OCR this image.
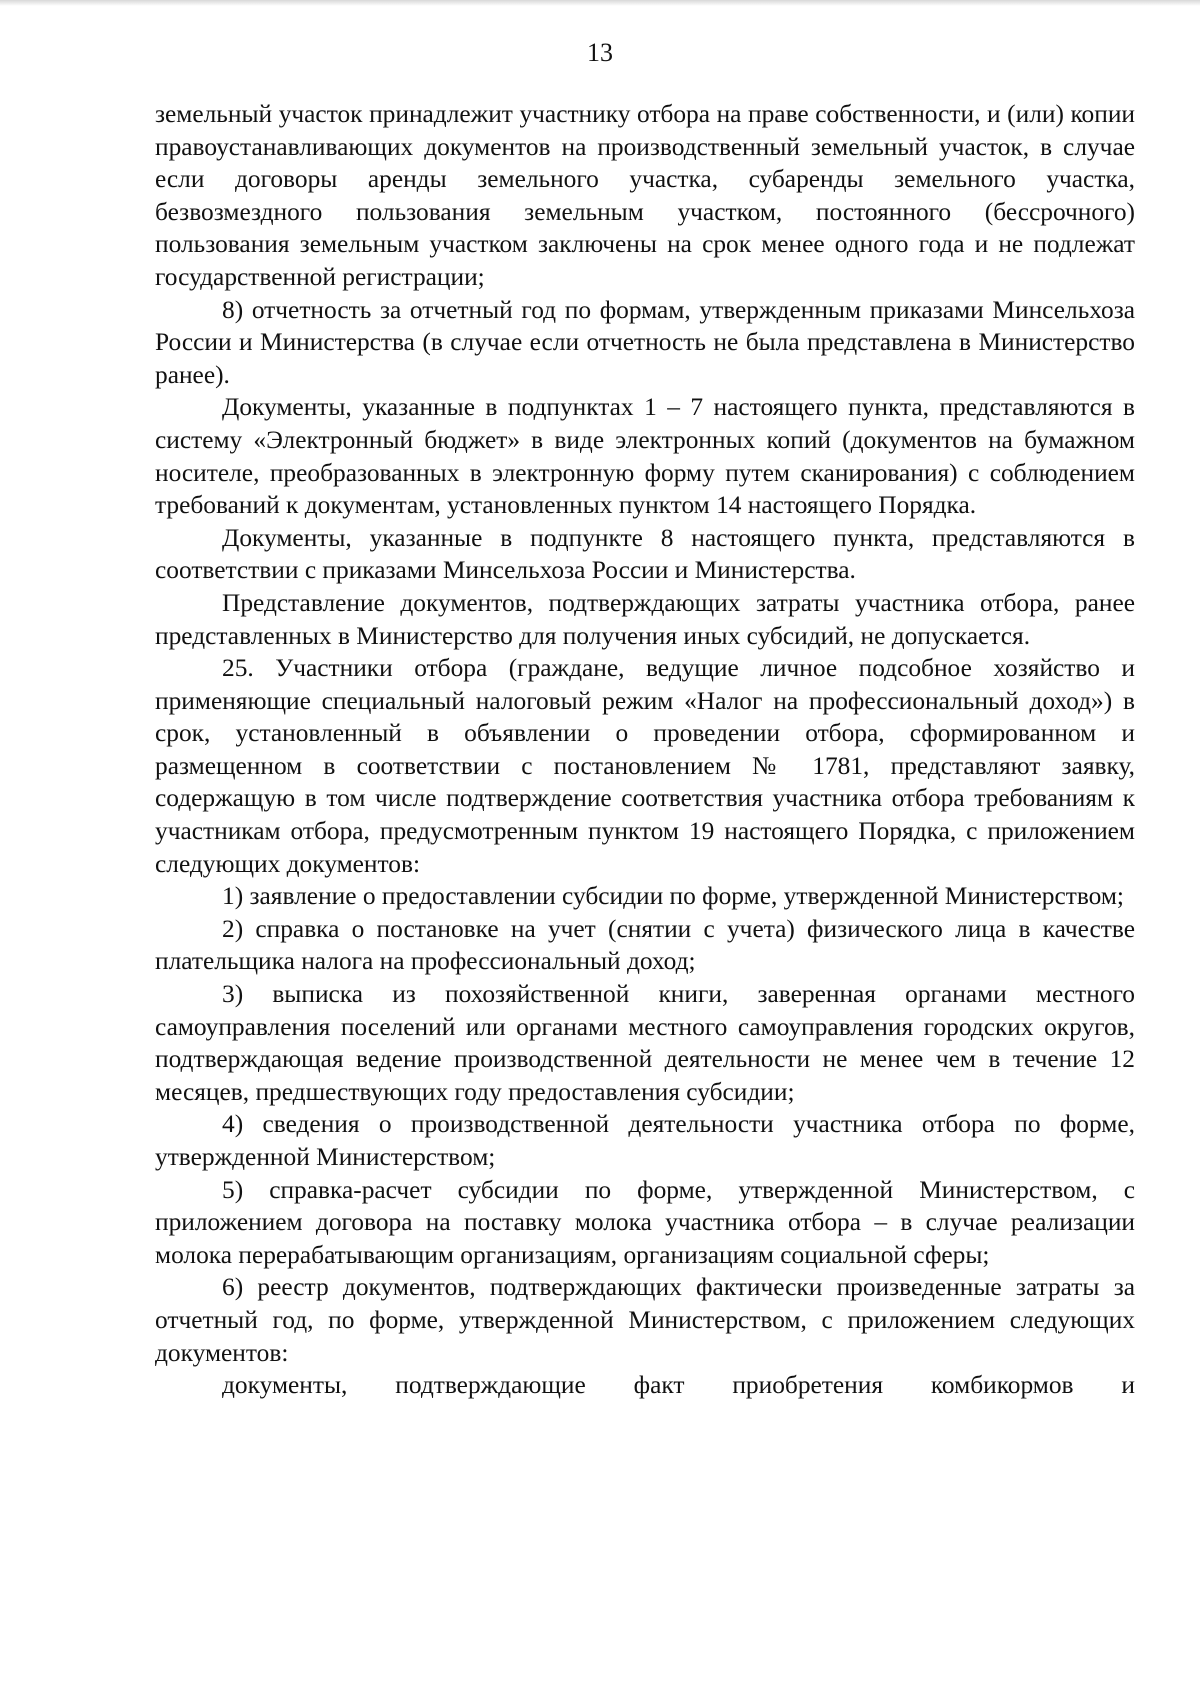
13

земельный участок принадлежит участнику отбора на праве собственности, и (или) копии правоустанавливающих документов на производственный земельный участок, в случае если договоры аренды земельного участка, субаренды земельного участка, безвозмездного пользования земельным участком, постоянного (бессрочного) пользования земельным участком заключены на срок менее одного года и не подлежат государственной регистрации;

8) отчетность за отчетный год по формам, утвержденным приказами Минсельхоза России и Министерства (в случае если отчетность не была представлена в Министерство ранее).

Документы, указанные в подпунктах 1 – 7 настоящего пункта, представляются в систему «Электронный бюджет» в виде электронных копий (документов на бумажном носителе, преобразованных в электронную форму путем сканирования) с соблюдением требований к документам, установленных пунктом 14 настоящего Порядка.

Документы, указанные в подпункте 8 настоящего пункта, представляются в соответствии с приказами Минсельхоза России и Министерства.

Представление документов, подтверждающих затраты участника отбора, ранее представленных в Министерство для получения иных субсидий, не допускается.

25. Участники отбора (граждане, ведущие личное подсобное хозяйство и применяющие специальный налоговый режим «Налог на профессиональный доход») в срок, установленный в объявлении о проведении отбора, сформированном и размещенном в соответствии с постановлением № 1781, представляют заявку, содержащую в том числе подтверждение соответствия участника отбора требованиям к участникам отбора, предусмотренным пунктом 19 настоящего Порядка, с приложением следующих документов:

1) заявление о предоставлении субсидии по форме, утвержденной Министерством;

2) справка о постановке на учет (снятии с учета) физического лица в качестве плательщика налога на профессиональный доход;

3) выписка из похозяйственной книги, заверенная органами местного самоуправления поселений или органами местного самоуправления городских округов, подтверждающая ведение производственной деятельности не менее чем в течение 12 месяцев, предшествующих году предоставления субсидии;

4) сведения о производственной деятельности участника отбора по форме, утвержденной Министерством;

5) справка-расчет субсидии по форме, утвержденной Министерством, с приложением договора на поставку молока участника отбора – в случае реализации молока перерабатывающим организациям, организациям социальной сферы;

6) реестр документов, подтверждающих фактически произведенные затраты за отчетный год, по форме, утвержденной Министерством, с приложением следующих документов:

документы, подтверждающие факт приобретения комбикормов и
